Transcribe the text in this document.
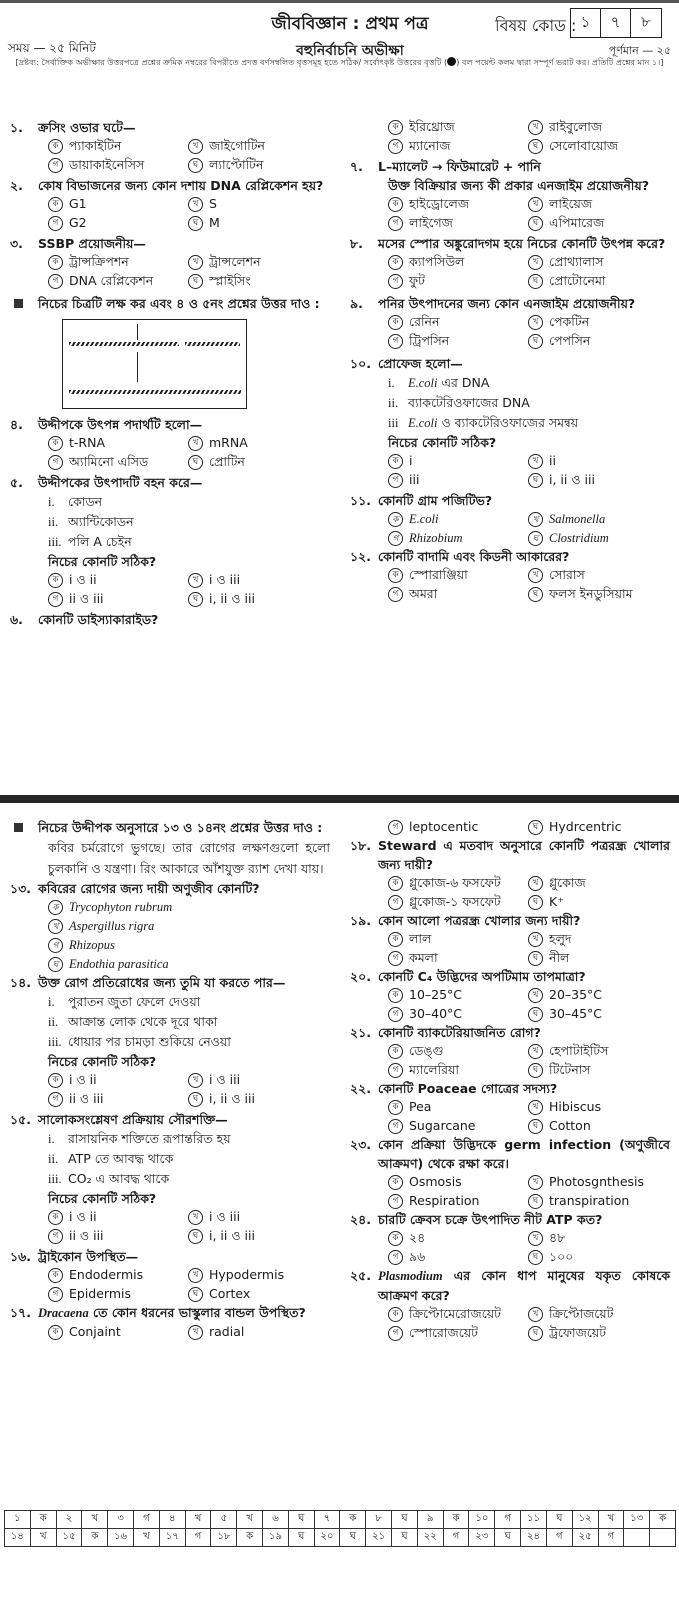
জীববিজ্ঞান : প্রথম পত্র
বহুনির্বাচনি অভীক্ষা
সময় — ২৫ মিনিট
বিষয় কোড : ১	৭	৮
পূর্ণমান — ২৫
[দ্রষ্টব্য: সৈর্বাক্তিক অভীক্ষার উত্তরপত্রে প্রশ্নের ক্রমিক নম্বরের বিপরীতে প্রদত্ত বর্ণসম্বলিত বৃত্তসমূহ হতে সঠিক/ সর্বোৎকৃষ্ট উত্তরের বৃত্তটি ( ) বল পয়েন্ট কলম দ্বারা সম্পূর্ণ ভরাট কর। প্রতিটি প্রশ্নের মান ১।]
১.	ক্রসিং ওভার ঘটে—
ক প্যাকাইটিন	খ জাইগোটিন
গ ডায়াকাইনেসিস	ঘ ল্যাপ্টোটিন
২.	কোষ বিভাজনের জন্য কোন দশায় DNA রেপ্লিকেশন হয়?
ক G1	খ S
গ G2	ঘ M
৩.	SSBP প্রয়োজনীয়—
ক ট্রান্সক্রিপশন	খ ট্রান্সলেশন
গ DNA রেপ্লিকেশন	ঘ স্প্লাইসিং
নিচের চিত্রটি লক্ষ কর এবং ৪ ও ৫নং প্রশ্নের উত্তর দাও :
৪.	উদ্দীপকে উৎপন্ন পদার্থটি হলো—
ক t-RNA	খ mRNA
গ অ্যামিনো এসিড	ঘ প্রোটিন
৫.	উদ্দীপকের উৎপাদটি বহন করে—
i.	কোডন
ii. অ্যান্টিকোডন
iii. পলি A চেইন
নিচের কোনটি সঠিক?
ক i ও ii	খ i ও iii
গ ii ও iii	ঘ i, ii ও iii
৬.	কোনটি ডাইস্যাকারাইড?
ক ইরিথ্রোজ	খ রাইবুলোজ
গ ম্যানোজ	ঘ সেলোবায়োজ
৭.	L–ম্যালেট → ফিউমারেট + পানি
উক্ত বিক্রিয়ার জন্য কী প্রকার এনজাইম প্রয়োজনীয়?
ক হাইড্রোলেজ	খ লাইয়েজ
গ লাইগেজ	ঘ এপিমারেজ
৮.	মসের স্পোর অঙ্কুরোদগম হয়ে নিচের কোনটি উৎপন্ন করে?
ক ক্যাপসিউল	খ প্রোথ্যালাস
গ ফুট	ঘ প্রোটোনেমা
৯.	পনির উৎপাদনের জন্য কোন এনজাইম প্রয়োজনীয়?
ক রেনিন	খ পেকটিন
গ ট্রিপসিন	ঘ পেপসিন
১০. প্রোফেজ হলো—
i.	E.coli এর DNA
ii. ব্যাকটেরিওফাজের DNA
iii E.coli ও ব্যাকটেরিওফাজের সমন্বয়
নিচের কোনটি সঠিক?
ক i	খ ii
গ iii	ঘ i, ii ও iii
১১. কোনটি গ্রাম পজিটিভ?
ক E.coli	খ Salmonella
গ Rhizobium	ঘ Clostridium
১২. কোনটি বাদামি এবং কিডনী আকারের?
ক স্পোরাঞ্জিয়া	খ সোরাস
গ অমরা	ঘ ফলস ইনডুসিয়াম
নিচের উদ্দীপক অনুসারে ১৩ ও ১৪নং প্রশ্নের উত্তর দাও :
কবির চর্মরোগে ভুগছে। তার রোগের লক্ষণগুলো হলো চুলকানি ও যন্ত্রণা। রিং আকারে আঁশযুক্ত র‍্যাশ দেখা যায়।
১৩. কবিরের রোগের জন্য দায়ী অণুজীব কোনটি?
ক Trycophyton rubrum
খ Aspergillus rigra
গ Rhizopus
ঘ Endothia parasitica
১৪. উক্ত রোগ প্রতিরোধের জন্য তুমি যা করতে পার—
i.	পুরাতন জুতা ফেলে দেওয়া
ii. আক্রান্ত লোক থেকে দূরে থাকা
iii. ধোয়ার পর চামড়া শুকিয়ে নেওয়া
নিচের কোনটি সঠিক?
ক i ও ii	খ i ও iii
গ ii ও iii	ঘ i, ii ও iii
১৫. সালোকসংশ্লেষণ প্রক্রিয়ায় সৌরশক্তি—
i.	রাসায়নিক শক্তিতে রূপান্তরিত হয়
ii. ATP তে আবদ্ধ থাকে
iii. CO₂ এ আবদ্ধ থাকে
নিচের কোনটি সঠিক?
ক i ও ii	খ i ও iii
গ ii ও iii	ঘ i, ii ও iii
১৬. ট্রাইকোন উপস্থিত—
ক Endodermis	খ Hypodermis
গ Epidermis	ঘ Cortex
১৭. Dracaena তে কোন ধরনের ভাস্কুলার বান্ডল উপস্থিত?
ক Conjaint	খ radial
গ leptocentic	ঘ Hydrcentric
১৮. Steward এ মতবাদ অনুসারে কোনটি পত্ররন্ধ্র খোলার জন্য দায়ী?
ক গ্লুকোজ-৬ ফসফেট	খ গ্লুকোজ
গ গ্লুকোজ-১ ফসফেট	ঘ K⁺
১৯. কোন আলো পত্ররন্ধ্র খোলার জন্য দায়ী?
ক লাল	খ হলুদ
গ কমলা	ঘ নীল
২০. কোনটি C₄ উদ্ভিদের অপটিমাম তাপমাত্রা?
ক 10–25°C	খ 20–35°C
গ 30–40°C	ঘ 30–45°C
২১. কোনটি ব্যাকটেরিয়াজনিত রোগ?
ক ডেঙ্গু	খ হেপাটাইটিস
গ ম্যালেরিয়া	ঘ টিটেনাস
২২. কোনটি Poaceae গোত্রের সদস্য?
ক Pea	খ Hibiscus
গ Sugarcane	ঘ Cotton
২৩. কোন প্রক্রিয়া উদ্ভিদকে germ infection (অণুজীবে আক্রমণ) থেকে রক্ষা করে।
ক Osmosis	খ Photosgnthesis
গ Respiration	ঘ transpiration
২৪. চারটি ক্রেবস চক্রে উৎপাদিত নীট ATP কত?
ক ২৪	খ ৪৮
গ ৯৬	ঘ ১০০
২৫. Plasmodium এর কোন ধাপ মানুষের যকৃত কোষকে আক্রমণ করে?
ক ক্রিপ্টোমেরোজয়েট	খ ক্রিপ্টোজয়েট
গ স্পোরোজয়েট	ঘ ট্রফোজয়েট
১	ক	২	খ	৩	গ	৪	খ	৫	খ	৬	ঘ	৭	ক	৮	ঘ	৯	ক	১০	গ	১১	ঘ	১২	খ	১৩	ক
১৪	খ	১৫	ক	১৬	খ	১৭	গ	১৮	ক	১৯	ঘ	২০	ঘ	২১	ঘ	২২	গ	২৩	ঘ	২৪	গ	২৫	গ		
